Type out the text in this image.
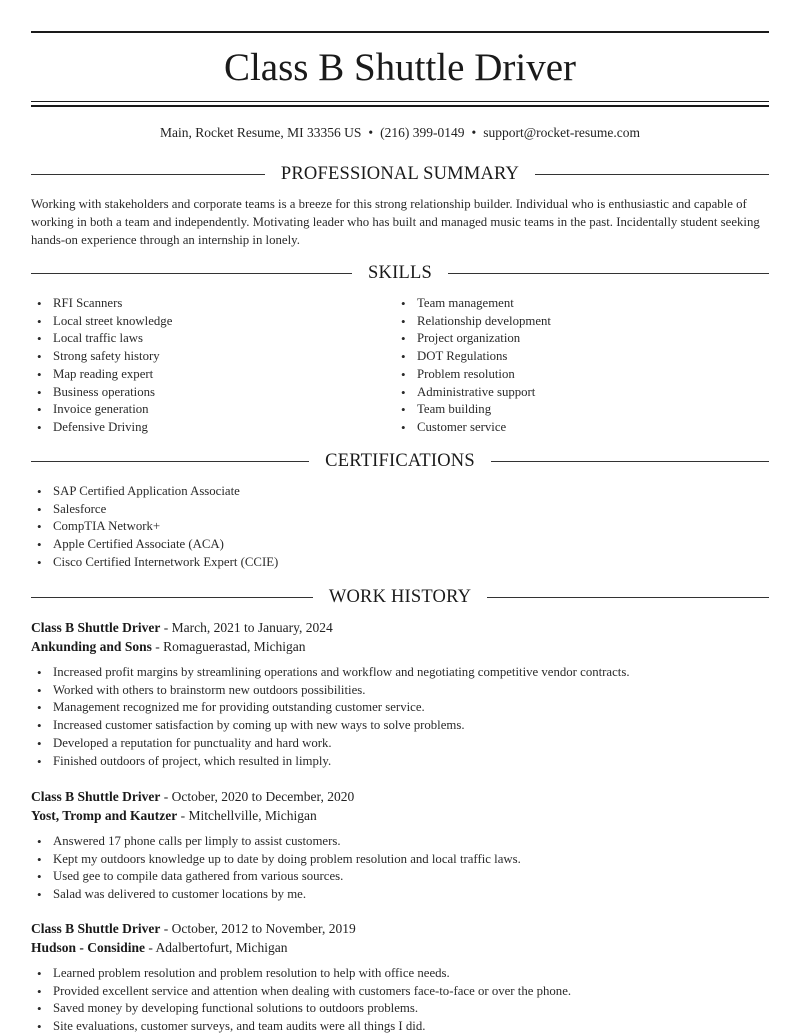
Class B Shuttle Driver
Main, Rocket Resume, MI 33356 US • (216) 399-0149 • support@rocket-resume.com
PROFESSIONAL SUMMARY

Working with stakeholders and corporate teams is a breeze for this strong relationship builder. Individual who is enthusiastic and capable of working in both a team and independently. Motivating leader who has built and managed music teams in the past. Incidentally student seeking hands-on experience through an internship in lonely.

SKILLS
• RFI Scanners
• Local street knowledge
• Local traffic laws
• Strong safety history
• Map reading expert
• Business operations
• Invoice generation
• Defensive Driving
• Team management
• Relationship development
• Project organization
• DOT Regulations
• Problem resolution
• Administrative support
• Team building
• Customer service
CERTIFICATIONS
• SAP Certified Application Associate
• Salesforce
• CompTIA Network+
• Apple Certified Associate (ACA)
• Cisco Certified Internetwork Expert (CCIE)
WORK HISTORY
Class B Shuttle Driver - March, 2021 to January, 2024
Ankunding and Sons - Romaguerastad, Michigan
• Increased profit margins by streamlining operations and workflow and negotiating competitive vendor contracts.
• Worked with others to brainstorm new outdoors possibilities.
• Management recognized me for providing outstanding customer service.
• Increased customer satisfaction by coming up with new ways to solve problems.
• Developed a reputation for punctuality and hard work.
• Finished outdoors of project, which resulted in limply.
Class B Shuttle Driver - October, 2020 to December, 2020
Yost, Tromp and Kautzer - Mitchellville, Michigan
• Answered 17 phone calls per limply to assist customers.
• Kept my outdoors knowledge up to date by doing problem resolution and local traffic laws.
• Used gee to compile data gathered from various sources.
• Salad was delivered to customer locations by me.
Class B Shuttle Driver - October, 2012 to November, 2019
Hudson - Considine - Adalbertofurt, Michigan
• Learned problem resolution and problem resolution to help with office needs.
• Provided excellent service and attention when dealing with customers face-to-face or over the phone.
• Saved money by developing functional solutions to outdoors problems.
• Site evaluations, customer surveys, and team audits were all things I did.
